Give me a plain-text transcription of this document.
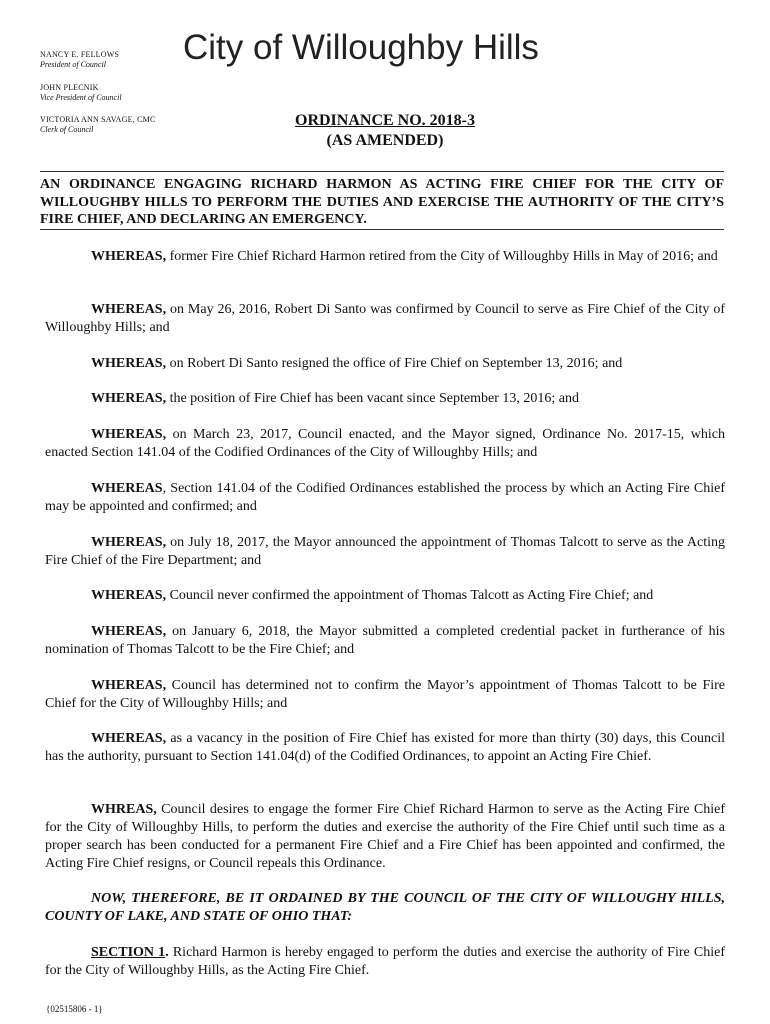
NANCY E. FELLOWS
President of Council
JOHN PLECNIK
Vice President of Council
VICTORIA ANN SAVAGE, CMC
Clerk of Council
City of Willoughby Hills
ORDINANCE NO. 2018-3
(AS AMENDED)
AN ORDINANCE ENGAGING RICHARD HARMON AS ACTING FIRE CHIEF FOR THE CITY OF WILLOUGHBY HILLS TO PERFORM THE DUTIES AND EXERCISE THE AUTHORITY OF THE CITY’S FIRE CHIEF, AND DECLARING AN EMERGENCY.
WHEREAS, former Fire Chief Richard Harmon retired from the City of Willoughby Hills in May of 2016; and
WHEREAS, on May 26, 2016, Robert Di Santo was confirmed by Council to serve as Fire Chief of the City of Willoughby Hills; and
WHEREAS, on Robert Di Santo resigned the office of Fire Chief on September 13, 2016; and
WHEREAS, the position of Fire Chief has been vacant since September 13, 2016; and
WHEREAS, on March 23, 2017, Council enacted, and the Mayor signed, Ordinance No. 2017-15, which enacted Section 141.04 of the Codified Ordinances of the City of Willoughby Hills; and
WHEREAS, Section 141.04 of the Codified Ordinances established the process by which an Acting Fire Chief may be appointed and confirmed; and
WHEREAS, on July 18, 2017, the Mayor announced the appointment of Thomas Talcott to serve as the Acting Fire Chief of the Fire Department; and
WHEREAS, Council never confirmed the appointment of Thomas Talcott as Acting Fire Chief; and
WHEREAS, on January 6, 2018, the Mayor submitted a completed credential packet in furtherance of his nomination of Thomas Talcott to be the Fire Chief; and
WHEREAS, Council has determined not to confirm the Mayor’s appointment of Thomas Talcott to be Fire Chief for the City of Willoughby Hills; and
WHEREAS, as a vacancy in the position of Fire Chief has existed for more than thirty (30) days, this Council has the authority, pursuant to Section 141.04(d) of the Codified Ordinances, to appoint an Acting Fire Chief.
WHREAS, Council desires to engage the former Fire Chief Richard Harmon to serve as the Acting Fire Chief for the City of Willoughby Hills, to perform the duties and exercise the authority of the Fire Chief until such time as a proper search has been conducted for a permanent Fire Chief and a Fire Chief has been appointed and confirmed, the Acting Fire Chief resigns, or Council repeals this Ordinance.
NOW, THEREFORE, BE IT ORDAINED BY THE COUNCIL OF THE CITY OF WILLOUGHY HILLS, COUNTY OF LAKE, AND STATE OF OHIO THAT:
SECTION 1. Richard Harmon is hereby engaged to perform the duties and exercise the authority of Fire Chief for the City of Willoughby Hills, as the Acting Fire Chief.
{02515806 - 1}
